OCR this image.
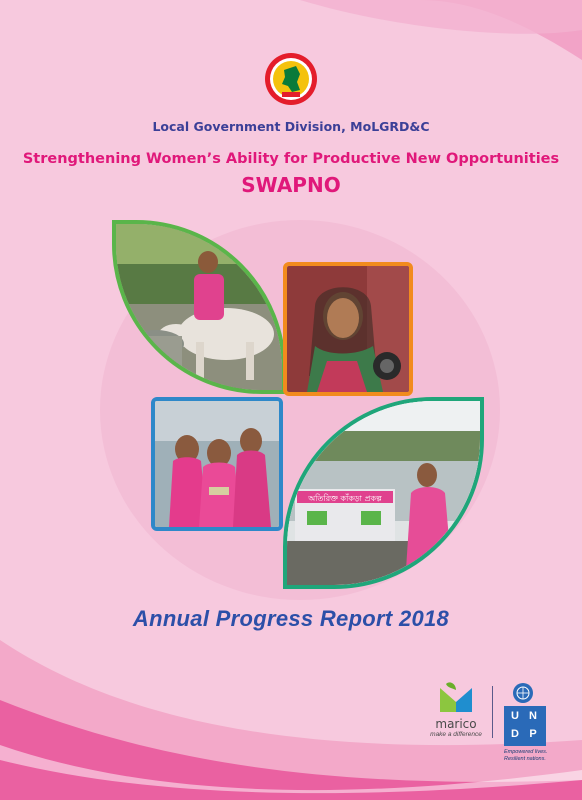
Local Government Division, MoLGRD&C
Strengthening Women’s Ability for Productive New Opportunities
SWAPNO
অতিরিক্ত কাঁকড়া প্রকল্প
Annual Progress Report 2018
marico
make a difference
U N
D P
Empowered lives.
Resilient nations.
